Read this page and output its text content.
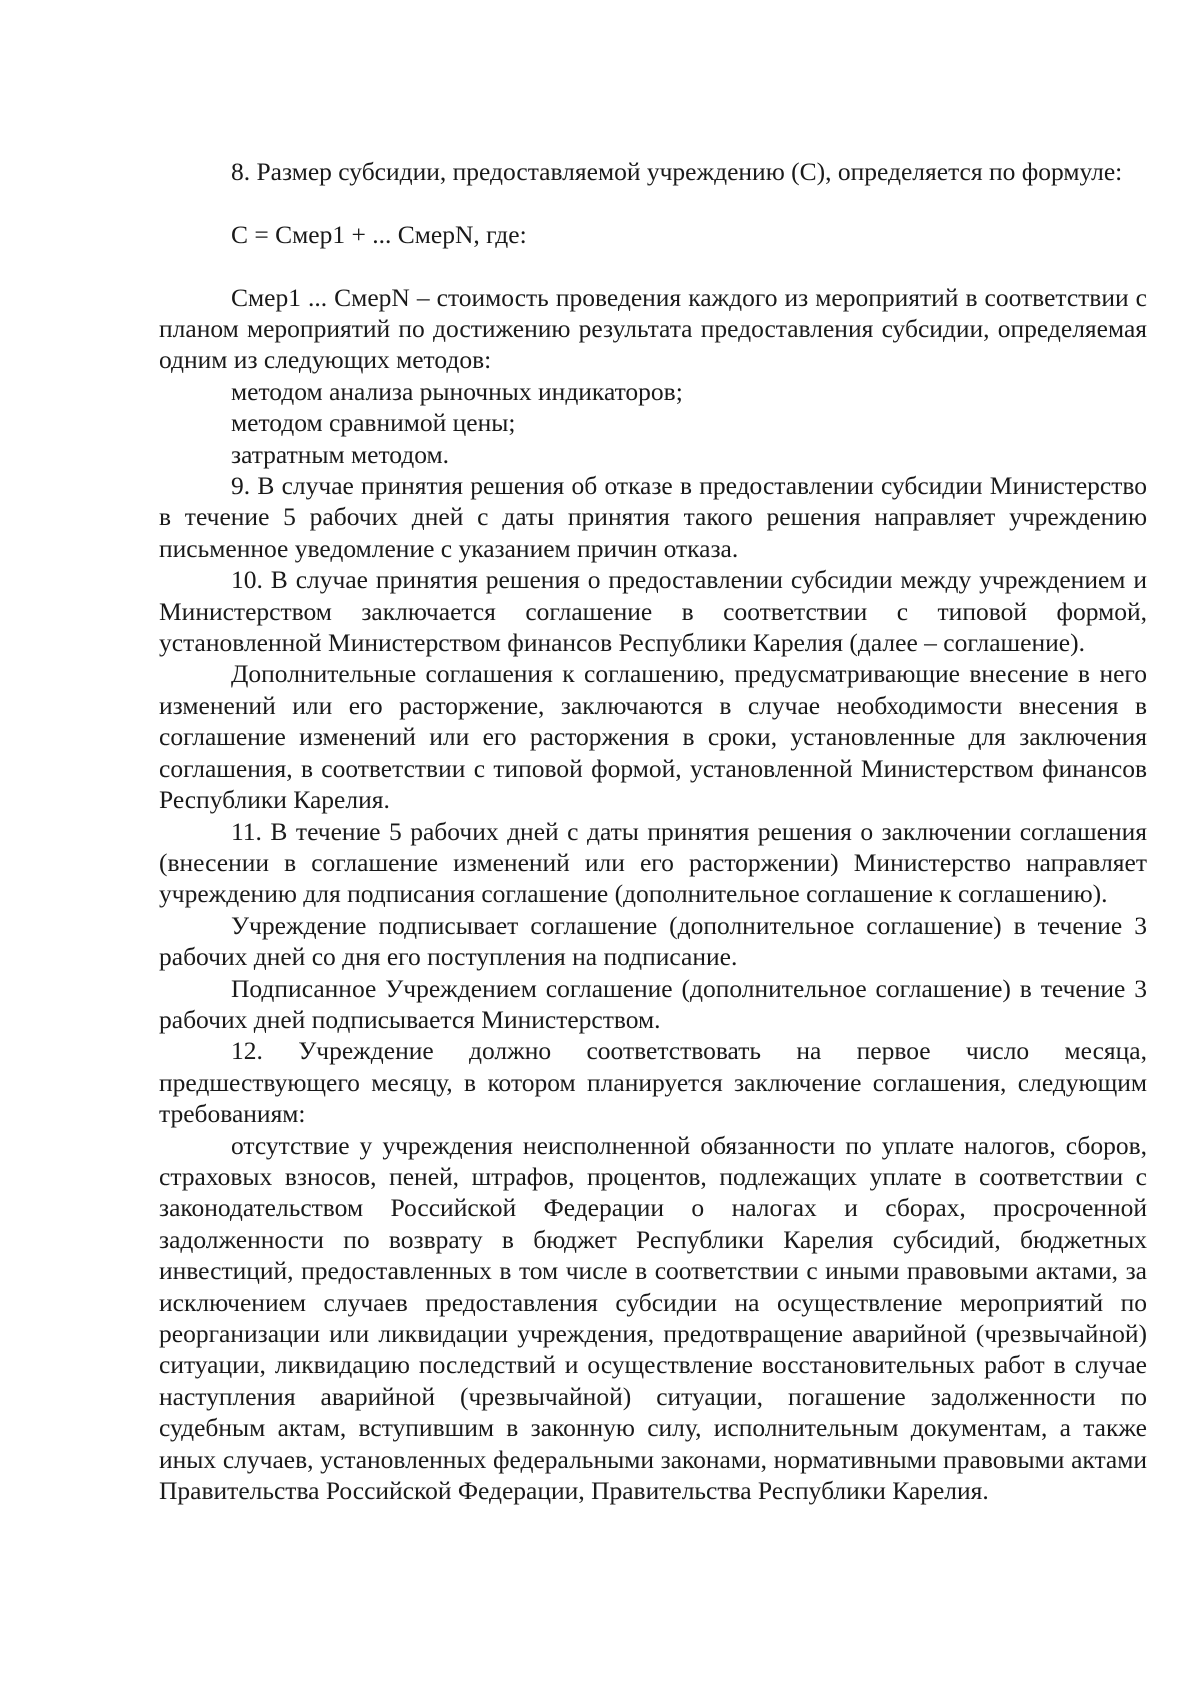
8. Размер субсидии, предоставляемой учреждению (С), определяется по формуле:

С = Смер1 + ... СмерN, где:

Смер1 ... СмерN – стоимость проведения каждого из мероприятий в соответствии с планом мероприятий по достижению результата предоставления субсидии, определяемая одним из следующих методов:

методом анализа рыночных индикаторов;

методом сравнимой цены;

затратным методом.

9. В случае принятия решения об отказе в предоставлении субсидии Министерство в течение 5 рабочих дней с даты принятия такого решения направляет учреждению письменное уведомление с указанием причин отказа.

10. В случае принятия решения о предоставлении субсидии между учреждением и Министерством заключается соглашение в соответствии с типовой формой, установленной Министерством финансов Республики Карелия (далее – соглашение).

Дополнительные соглашения к соглашению, предусматривающие внесение в него изменений или его расторжение, заключаются в случае необходимости внесения в соглашение изменений или его расторжения в сроки, установленные для заключения соглашения, в соответствии с типовой формой, установленной Министерством финансов Республики Карелия.

11. В течение 5 рабочих дней с даты принятия решения о заключении соглашения (внесении в соглашение изменений или его расторжении) Министерство направляет учреждению для подписания соглашение (дополнительное соглашение к соглашению).

Учреждение подписывает соглашение (дополнительное соглашение) в течение 3 рабочих дней со дня его поступления на подписание.

Подписанное Учреждением соглашение (дополнительное соглашение) в течение 3 рабочих дней подписывается Министерством.

12. Учреждение должно соответствовать на первое число месяца, предшествующего месяцу, в котором планируется заключение соглашения, следующим требованиям:

отсутствие у учреждения неисполненной обязанности по уплате налогов, сборов, страховых взносов, пеней, штрафов, процентов, подлежащих уплате в соответствии с законодательством Российской Федерации о налогах и сборах, просроченной задолженности по возврату в бюджет Республики Карелия субсидий, бюджетных инвестиций, предоставленных в том числе в соответствии с иными правовыми актами, за исключением случаев предоставления субсидии на осуществление мероприятий по реорганизации или ликвидации учреждения, предотвращение аварийной (чрезвычайной) ситуации, ликвидацию последствий и осуществление восстановительных работ в случае наступления аварийной (чрезвычайной) ситуации, погашение задолженности по судебным актам, вступившим в законную силу, исполнительным документам, а также иных случаев, установленных федеральными законами, нормативными правовыми актами Правительства Российской Федерации, Правительства Республики Карелия.
